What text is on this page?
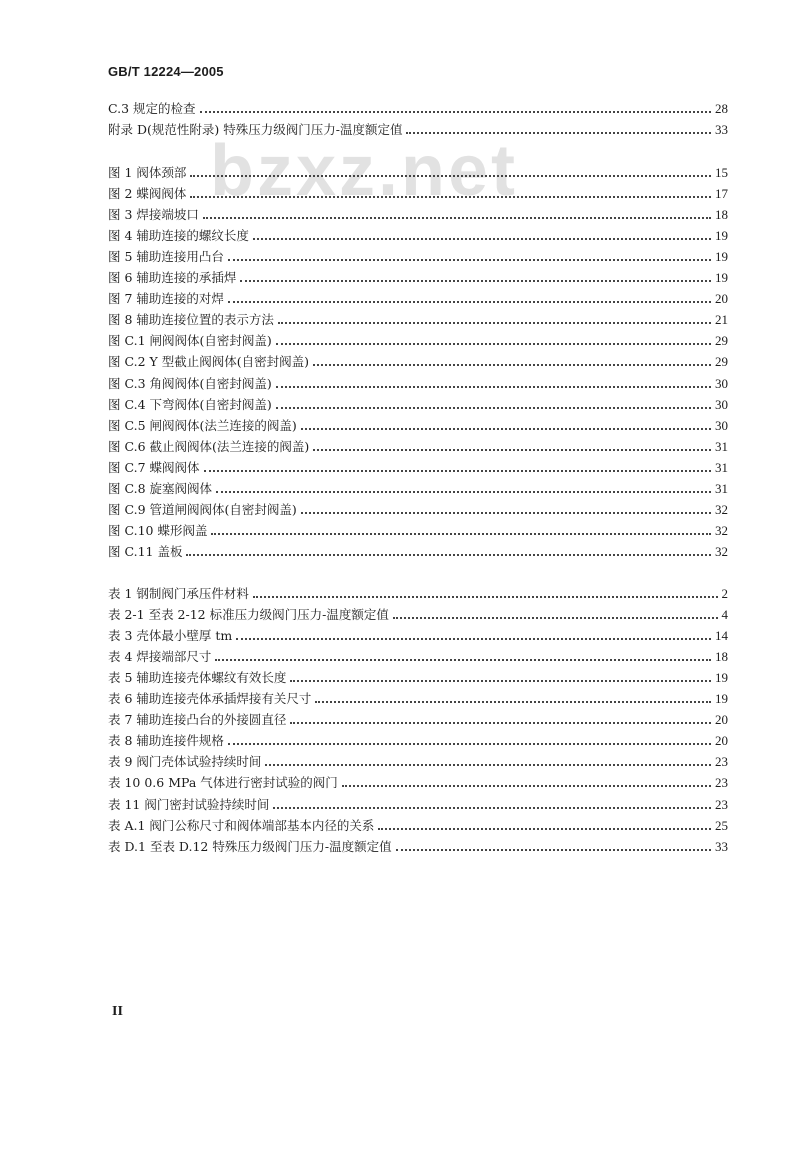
GB/T 12224—2005
bzxz.net
C.3 规定的检查	28
附录 D(规范性附录) 特殊压力级阀门压力-温度额定值	33
图 1 阀体颈部	15
图 2 蝶阀阀体	17
图 3 焊接端坡口	18
图 4 辅助连接的螺纹长度	19
图 5 辅助连接用凸台	19
图 6 辅助连接的承插焊	19
图 7 辅助连接的对焊	20
图 8 辅助连接位置的表示方法	21
图 C.1 闸阀阀体(自密封阀盖)	29
图 C.2 Y 型截止阀阀体(自密封阀盖)	29
图 C.3 角阀阀体(自密封阀盖)	30
图 C.4 下弯阀体(自密封阀盖)	30
图 C.5 闸阀阀体(法兰连接的阀盖)	30
图 C.6 截止阀阀体(法兰连接的阀盖)	31
图 C.7 蝶阀阀体	31
图 C.8 旋塞阀阀体	31
图 C.9 管道闸阀阀体(自密封阀盖)	32
图 C.10 蝶形阀盖	32
图 C.11 盖板	32
表 1 钢制阀门承压件材料	2
表 2-1 至表 2-12 标准压力级阀门压力-温度额定值	4
表 3 壳体最小壁厚 tm	14
表 4 焊接端部尺寸	18
表 5 辅助连接壳体螺纹有效长度	19
表 6 辅助连接壳体承插焊接有关尺寸	19
表 7 辅助连接凸台的外接圆直径	20
表 8 辅助连接件规格	20
表 9 阀门壳体试验持续时间	23
表 10 0.6 MPa 气体进行密封试验的阀门	23
表 11 阀门密封试验持续时间	23
表 A.1 阀门公称尺寸和阀体端部基本内径的关系	25
表 D.1 至表 D.12 特殊压力级阀门压力-温度额定值	33
II
